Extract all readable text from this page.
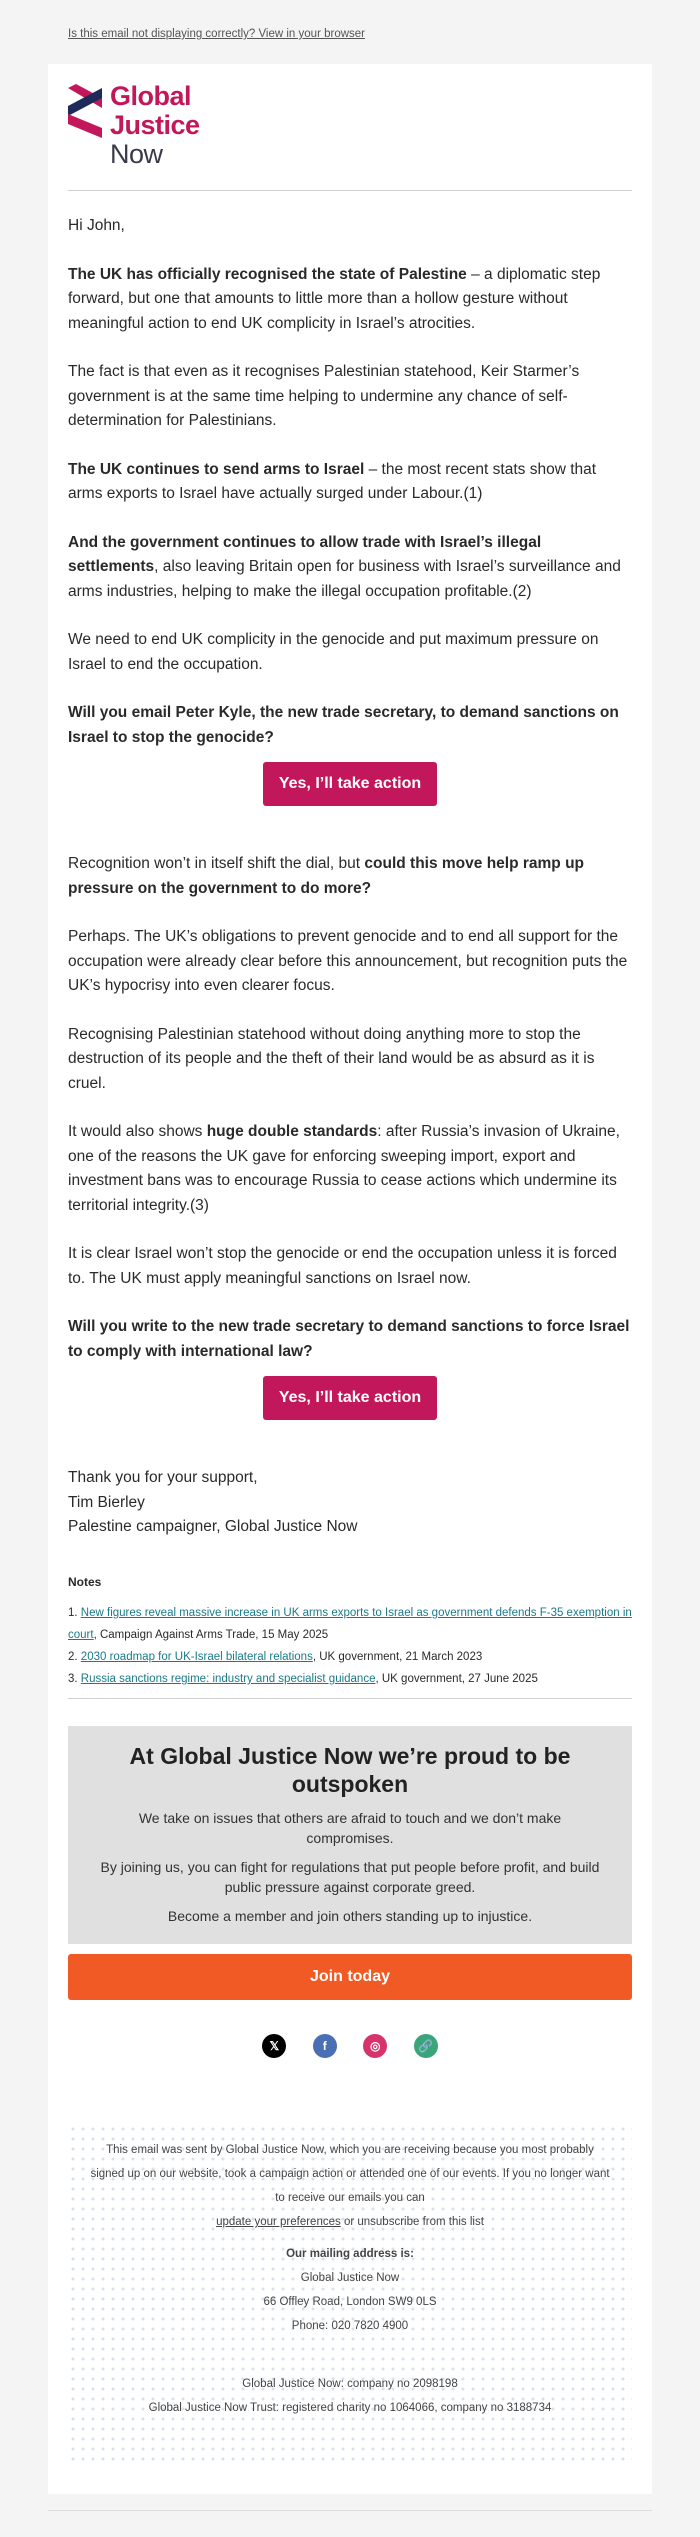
Is this email not displaying correctly? View in your browser
Global
Justice
Now

Hi John,

The UK has officially recognised the state of Palestine – a diplomatic step forward, but one that amounts to little more than a hollow gesture without meaningful action to end UK complicity in Israel’s atrocities.

The fact is that even as it recognises Palestinian statehood, Keir Starmer’s government is at the same time helping to undermine any chance of self-determination for Palestinians.

The UK continues to send arms to Israel – the most recent stats show that arms exports to Israel have actually surged under Labour.(1)

And the government continues to allow trade with Israel’s illegal settlements, also leaving Britain open for business with Israel’s surveillance and arms industries, helping to make the illegal occupation profitable.(2)

We need to end UK complicity in the genocide and put maximum pressure on Israel to end the occupation.

Will you email Peter Kyle, the new trade secretary, to demand sanctions on Israel to stop the genocide?

Yes, I’ll take action

Recognition won’t in itself shift the dial, but could this move help ramp up pressure on the government to do more?

Perhaps. The UK’s obligations to prevent genocide and to end all support for the occupation were already clear before this announcement, but recognition puts the UK’s hypocrisy into even clearer focus.

Recognising Palestinian statehood without doing anything more to stop the destruction of its people and the theft of their land would be as absurd as it is cruel.

It would also shows huge double standards: after Russia’s invasion of Ukraine, one of the reasons the UK gave for enforcing sweeping import, export and investment bans was to encourage Russia to cease actions which undermine its territorial integrity.(3)

It is clear Israel won’t stop the genocide or end the occupation unless it is forced to. The UK must apply meaningful sanctions on Israel now.

Will you write to the new trade secretary to demand sanctions to force Israel to comply with international law?

Yes, I’ll take action
Thank you for your support,
Tim Bierley
Palestine campaigner, Global Justice Now
Notes
1. New figures reveal massive increase in UK arms exports to Israel as government defends F-35 exemption in court, Campaign Against Arms Trade, 15 May 2025
2. 2030 roadmap for UK-Israel bilateral relations, UK government, 21 March 2023
3. Russia sanctions regime: industry and specialist guidance, UK government, 27 June 2025
At Global Justice Now we’re proud to be outspoken

We take on issues that others are afraid to touch and we don’t make compromises.

By joining us, you can fight for regulations that put people before profit, and build public pressure against corporate greed.

Become a member and join others standing up to injustice.

Join today
𝕏	f	◎	🔗

This email was sent by Global Justice Now, which you are receiving because you most probably signed up on our website, took a campaign action or attended one of our events. If you no longer want to receive our emails you can
update your preferences or unsubscribe from this list

Our mailing address is:

Global Justice Now

66 Offley Road, London SW9 0LS

Phone: 020 7820 4900

Global Justice Now: company no 2098198

Global Justice Now Trust: registered charity no 1064066, company no 3188734
